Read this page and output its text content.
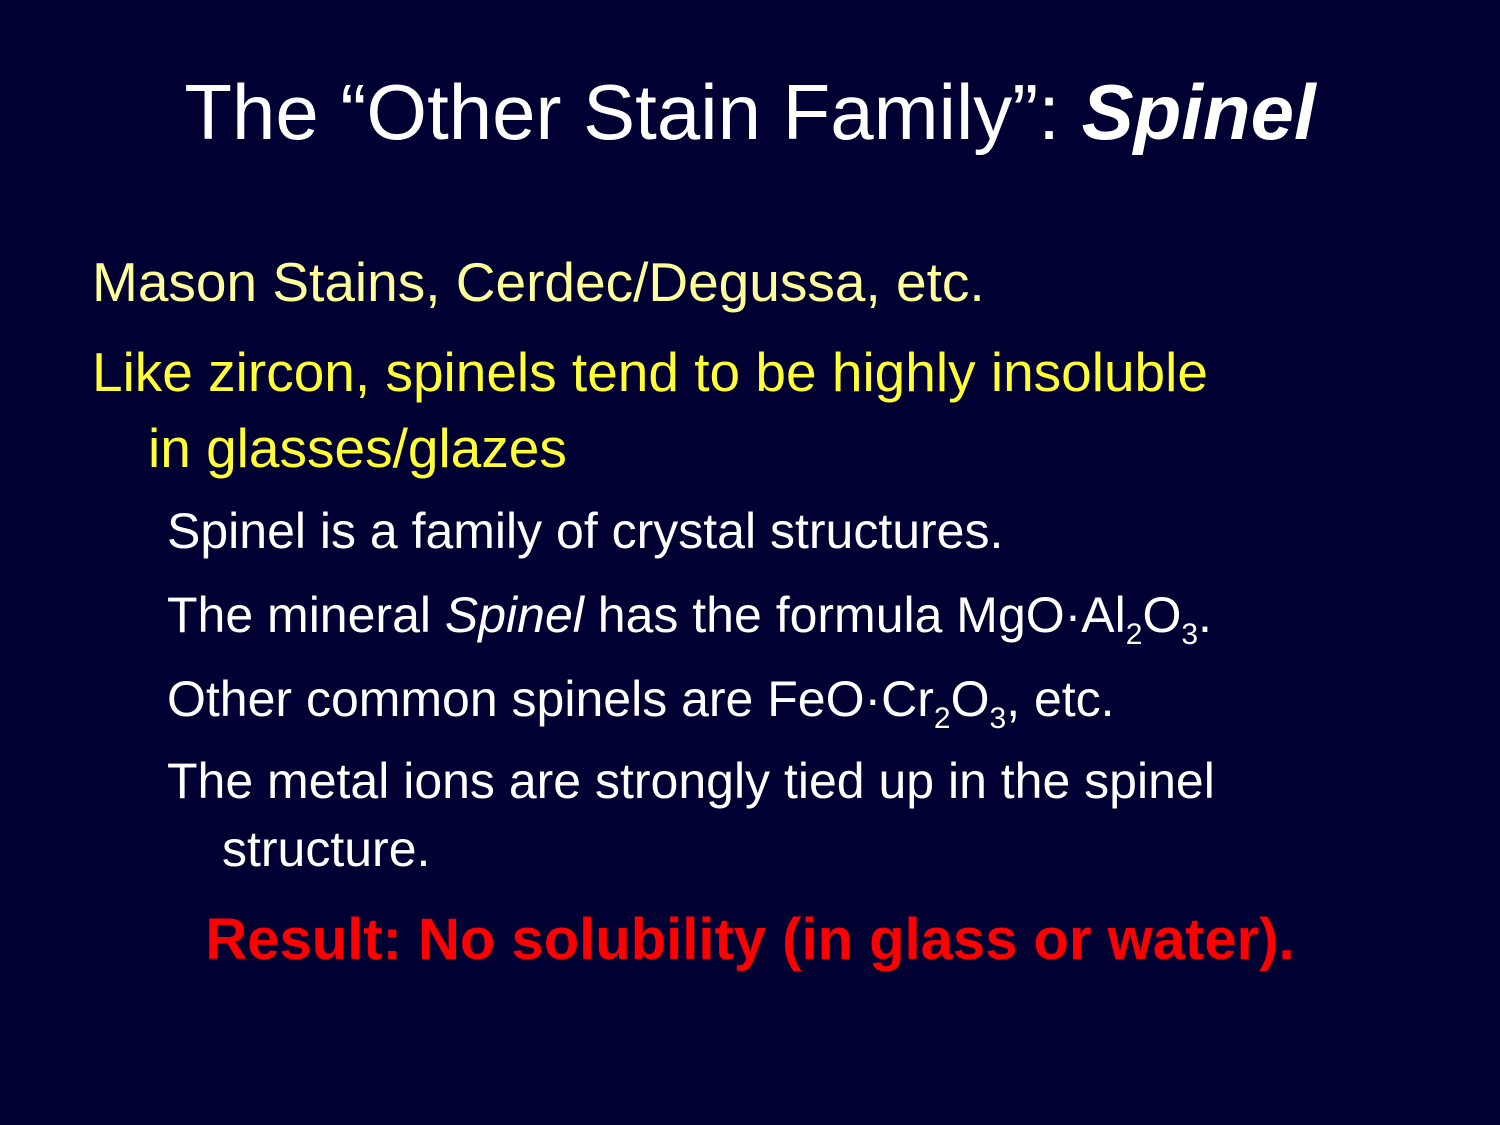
The “Other Stain Family”: Spinel
Mason Stains, Cerdec/Degussa, etc.
Like zircon, spinels tend to be highly insoluble
in glasses/glazes
Spinel is a family of crystal structures.
The mineral Spinel has the formula $MgO\cdot Al_2O_3$.
Other common spinels are $FeO\cdot Cr_2O_3$, etc.
The metal ions are strongly tied up in the spinel
structure.
Result: No solubility (in glass or water).
